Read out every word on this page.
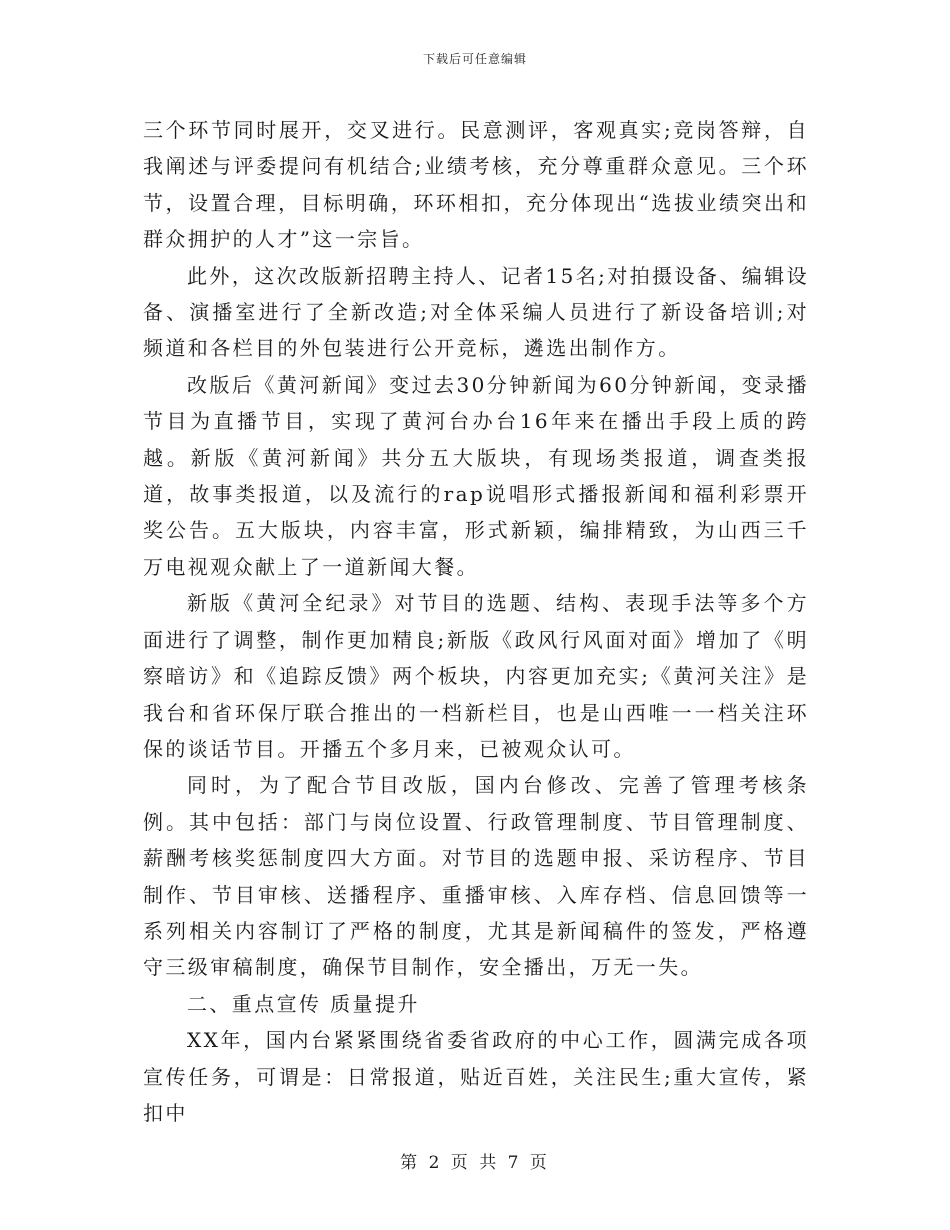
下载后可任意编辑

三个环节同时展开，交叉进行。民意测评，客观真实;竞岗答辩，自我阐述与评委提问有机结合;业绩考核，充分尊重群众意见。三个环节，设置合理，目标明确，环环相扣，充分体现出“选拔业绩突出和群众拥护的人才”这一宗旨。

此外，这次改版新招聘主持人、记者15名;对拍摄设备、编辑设备、演播室进行了全新改造;对全体采编人员进行了新设备培训;对频道和各栏目的外包装进行公开竞标，遴选出制作方。

改版后《黄河新闻》变过去30分钟新闻为60分钟新闻，变录播节目为直播节目，实现了黄河台办台16年来在播出手段上质的跨越。新版《黄河新闻》共分五大版块，有现场类报道，调查类报道，故事类报道，以及流行的rap说唱形式播报新闻和福利彩票开奖公告。五大版块，内容丰富，形式新颖，编排精致，为山西三千万电视观众献上了一道新闻大餐。

新版《黄河全纪录》对节目的选题、结构、表现手法等多个方面进行了调整，制作更加精良;新版《政风行风面对面》增加了《明察暗访》和《追踪反馈》两个板块，内容更加充实;《黄河关注》是我台和省环保厅联合推出的一档新栏目，也是山西唯一一档关注环保的谈话节目。开播五个多月来，已被观众认可。

同时，为了配合节目改版，国内台修改、完善了管理考核条例。其中包括：部门与岗位设置、行政管理制度、节目管理制度、薪酬考核奖惩制度四大方面。对节目的选题申报、采访程序、节目制作、节目审核、送播程序、重播审核、入库存档、信息回馈等一系列相关内容制订了严格的制度，尤其是新闻稿件的签发，严格遵守三级审稿制度，确保节目制作，安全播出，万无一失。

二、重点宣传 质量提升

XX年，国内台紧紧围绕省委省政府的中心工作，圆满完成各项宣传任务，可谓是：日常报道，贴近百姓，关注民生;重大宣传，紧扣中

第 2 页 共 7 页
